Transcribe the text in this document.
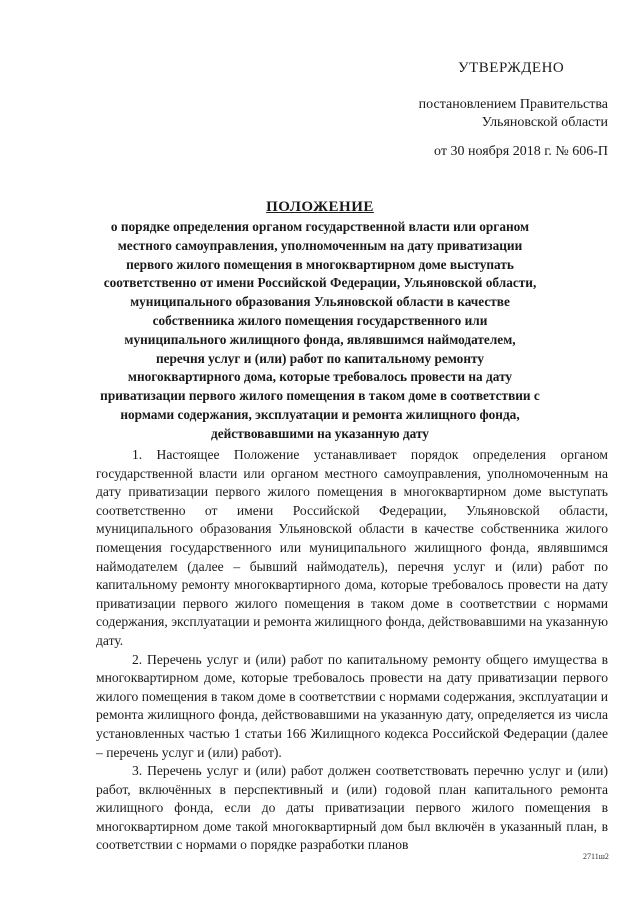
УТВЕРЖДЕНО
постановлением Правительства
Ульяновской области
от 30 ноября 2018 г. № 606-П
ПОЛОЖЕНИЕ
о порядке определения органом государственной власти или органом местного самоуправления, уполномоченным на дату приватизации первого жилого помещения в многоквартирном доме выступать соответственно от имени Российской Федерации, Ульяновской области, муниципального образования Ульяновской области в качестве собственника жилого помещения государственного или муниципального жилищного фонда, являвшимся наймодателем, перечня услуг и (или) работ по капитальному ремонту многоквартирного дома, которые требовалось провести на дату приватизации первого жилого помещения в таком доме в соответствии с нормами содержания, эксплуатации и ремонта жилищного фонда, действовавшими на указанную дату

1. Настоящее Положение устанавливает порядок определения органом государственной власти или органом местного самоуправления, уполномоченным на дату приватизации первого жилого помещения в многоквартирном доме выступать соответственно от имени Российской Федерации, Ульяновской области, муниципального образования Ульяновской области в качестве собственника жилого помещения государственного или муниципального жилищного фонда, являвшимся наймодателем (далее – бывший наймодатель), перечня услуг и (или) работ по капитальному ремонту многоквартирного дома, которые требовалось провести на дату приватизации первого жилого помещения в таком доме в соответствии с нормами содержания, эксплуатации и ремонта жилищного фонда, действовавшими на указанную дату.

2. Перечень услуг и (или) работ по капитальному ремонту общего имущества в многоквартирном доме, которые требовалось провести на дату приватизации первого жилого помещения в таком доме в соответствии с нормами содержания, эксплуатации и ремонта жилищного фонда, действовавшими на указанную дату, определяется из числа установленных частью 1 статьи 166 Жилищного кодекса Российской Федерации (далее – перечень услуг и (или) работ).

3. Перечень услуг и (или) работ должен соответствовать перечню услуг и (или) работ, включённых в перспективный и (или) годовой план капитального ремонта жилищного фонда, если до даты приватизации первого жилого помещения в многоквартирном доме такой многоквартирный дом был включён в указанный план, в соответствии с нормами о порядке разработки планов

2711ш2
